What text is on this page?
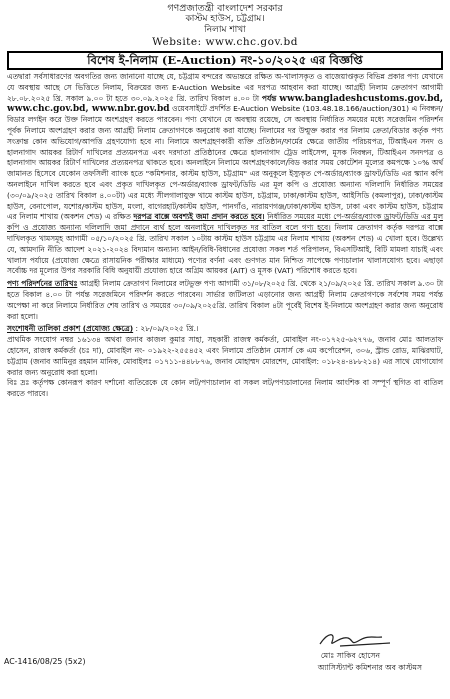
গণপ্রজাতন্ত্রী বাংলাদেশ সরকার
কাস্টম হাউস, চট্টগ্রাম।
নিলাম শাখা
Website: www.chc.gov.bd
বিশেষ ই-নিলাম (E-Auction) নং-১০/২০২৫ এর বিজ্ঞপ্তি

এতদ্বারা সর্বসাধারণের অবগতির জন্য জানানো যাচ্ছে যে, চট্টগ্রাম বন্দরের অভ্যন্তরে রক্ষিত অ-খালাসকৃত ও বাজেয়াপ্তকৃত বিভিন্ন প্রকার পণ্য যেখানে যে অবস্থায় আছে সে ভিত্তিতে নিলাম, বিক্রয়ের জন্য E-Auction Website এর দরপত্র আহবান করা যাচ্ছে। আগ্রহী নিলাম ক্রেতাগণ আগামী ২৮.০৮.২০২৫ খ্রি. সকাল ৯.০০ টা হতে ৩০.০৯.২০২৫ খ্রি. তারিখ বিকাল ৪.০০ টা পর্যন্ত www.bangladeshcustoms.gov.bd, www.chc.gov.bd, www.nbr.gov.bd ওয়েবসাইটে প্রদর্শিত E-Auction Website (103.48.18.166/auction/301) এ নিবন্ধন/বিডার লগইন করে উক্ত নিলামে অংশগ্রহণ করতে পারবেন। পণ্য যেখানে যে অবস্থায় রয়েছে, সে অবস্থায় নির্ধারিত সময়ের মধ্যে সরেজমিন পরিদর্শন পূর্বক নিলামে অংশগ্রহণ করার জন্য আগ্রহী নিলাম ক্রেতাগণকে অনুরোধ করা যাচ্ছে। নিলামের দর উন্মুক্ত করার পর নিলাম ক্রেতা/বিডার কর্তৃক পণ্য সংক্রান্ত কোন অভিযোগ/আপত্তি গ্রহণযোগ্য হবে না। নিলামে অংশগ্রহণকারী ব্যক্তি প্রতিষ্ঠান/ফার্মের ক্ষেত্রে জাতীয় পরিচয়পত্র, টিআইএন সনদ ও হালনাগাদ আয়কর রিটার্ণ দাখিলের প্রত্যয়নপত্র এবং দরদাতা প্রতিষ্ঠানের ক্ষেত্রে হালনাগাদ ট্রেড লাইসেন্স, মূসক নিবন্ধন, টিআইএন সনদপত্র ও হালনাগাদ আয়কর রিটার্ণ দাখিলের প্রত্যয়নপত্র থাকতে হবে। অনলাইনে নিলামে অংশগ্রহণকালে/বিড করার সময় কোটেশন মূল্যের কমপক্ষে ১০% অর্থ জামানত হিসেবে যেকোন তফসিলী ব্যাংক হতে "কমিশনার, কাস্টম হাউস, চট্টগ্রাম" এর অনুকূলে ইস্যুকৃত পে-অর্ডার/ব্যাংক ড্রাফট/ডিডি এর স্ক্যান কপি অনলাইনে দাখিল করতে হবে এবং প্রকৃত দাখিলকৃত পে-অর্ডার/ব্যাংক ড্রাফট/ডিডি এর মূল কপি ও প্রযোজ্য অন্যান্য দলিলাদি নির্ধারিত সময়ের (৩০/০৯/২০২৫ তারিখ বিকাল ৪.০০টা) এর মধ্যে সীলগালাযুক্ত খামে কাস্টম হাউস, চট্টগ্রাম, ঢাকা/কাস্টম হাউস, আইসিডি (কমলাপুর), ঢাকা/কাস্টম হাউস, বেনাপোল, যশোর/কাস্টম হাউস, মংলা, বাগেরহাট/কাস্টম হাউস, পানগাঁও, নারায়ণগঞ্জ/ঢাকা/কাস্টম হাউস, ঢাকা এবং কাস্টম হাউস, চট্টগ্রাম এর নিলাম শাখায় (অকশন শেড) এ রক্ষিত দরপত্র বাক্সে অবশ্যই জমা প্রদান করতে হবে। নির্ধারিত সময়ের মধ্যে পে-অর্ডার/ব্যাংক ড্রাফট/ডিডি এর মূল কপি ও প্রযোজ্য অন্যান্য দলিলাদি জমা প্রদানে ব্যর্থ হলে অনলাইনে দাখিলকৃত দর বাতিল বলে গণ্য হবে। নিলাম ক্রেতাগণ কর্তৃক দরপত্র বাক্সে দাখিলকৃত খামসমূহ আগামী ০৫/১০/২০২৫ খ্রি. তারিখ সকাল ১০টায় কাস্টম হাউস চট্টগ্রাম এর নিলাম শাখায় (অকশন শেড) এ খোলা হবে। উল্লেখ্য যে, আমদানি নীতি আদেশ ২০২১-২০২৪ বিদ্যমান অন্যান্য আইন/বিধি-বিধানের প্রযোজ্য সকল শর্ত পরিপালন, বিএসটিআই, বিটি মামলা যাচাই এবং খালাস পর্যায়ে (প্রযোজ্য ক্ষেত্রে রাসায়নিক পরীক্ষার মাধ্যমে) পণ্যের বর্ণনা এবং গুণগত মান নিশ্চিত সাপেক্ষে পণ্যচালান খালাসযোগ্য হবে। এছাড়া সর্বোচ্চ দর মূল্যের উপর সরকারি বিধি অনুযায়ী প্রযোজ্য হারে অগ্রিম আয়কর (AIT) ও মূসক (VAT) পরিশোধ করতে হবে।

পণ্য পরিদর্শনের তারিখঃ আগ্রহী নিলাম ক্রেতাগণ নিলামের লটভুক্ত পণ্য আগামী ৩১/০৮/২০২৫ খ্রি. থেকে ২১/০৯/২০২৫ খ্রি. তারিখ সকাল ৯.৩০ টা হতে বিকাল ৪.০০ টা পর্যন্ত সরেজমিনে পরিদর্শন করতে পারবেন। সার্ভার জটিলতা এড়ানোর জন্য আগ্রহী নিলাম ক্রেতাগণকে সর্বশেষ সময় পর্যন্ত অপেক্ষা না করে নিলামে নির্ধারিত শেষ তারিখ ও সময়ের ৩০/০৯/২০২৫খ্রি. তারিখ বিকাল ৪টা পূর্বেই বিশেষ ই-নিলামে অংশগ্রহণ করার জন্য অনুরোধ করা হলো।

সংশোধনী তালিকা প্রকাশ (প্রযোজ্য ক্ষেত্রে) : ২৮/০৯/২০২৫ খ্রি.।

প্রাথমিক সংযোগ নম্বর ১৬১৩৪ অথবা জনাব কাজল কুমার সাহা, সহকারী রাজস্ব কর্মকর্তা, মোবাইল নং-০১৭২৫-৬২৭৭৬, জনাব মোঃ আলতাফ হোসেন, রাজস্ব কর্মকর্তা (চঃ দা), মোবাইল নং- ০১৯২২-২৫৫৪৫২ এবং নিলামে প্রতিষ্ঠান মেসার্স কে এম কর্পোরেশন, ৩০৬, স্ট্রান্ড রোড, মাঝিরঘাট, চট্টগ্রাম (জনাব আমিনুর রহমান মানিক, মোবাইলঃ ০১৭১১-৪৪৮৮৭৬, জনাব মোহাম্মদ মোরশেদ, মোবাইল: ০১৮২৪-৪৮৮২১৪) এর সাথে যোগাযোগ করার জন্য অনুরোধ করা হলো।

বিঃ দ্রঃ কর্তৃপক্ষ কোনরূপ কারণ দর্শানো ব্যতিরেকে যে কোন লট/পণ্যচালান বা সকল লট/পণ্যচালানের নিলাম আংশিক বা সম্পূর্ণ স্থগিত বা বাতিল করতে পারবে।

মোঃ সাকিব হোসেন
অ্যাসিস্ট্যান্ট কমিশনার অব কাস্টমস
AC-1416/08/25 (5x2)
